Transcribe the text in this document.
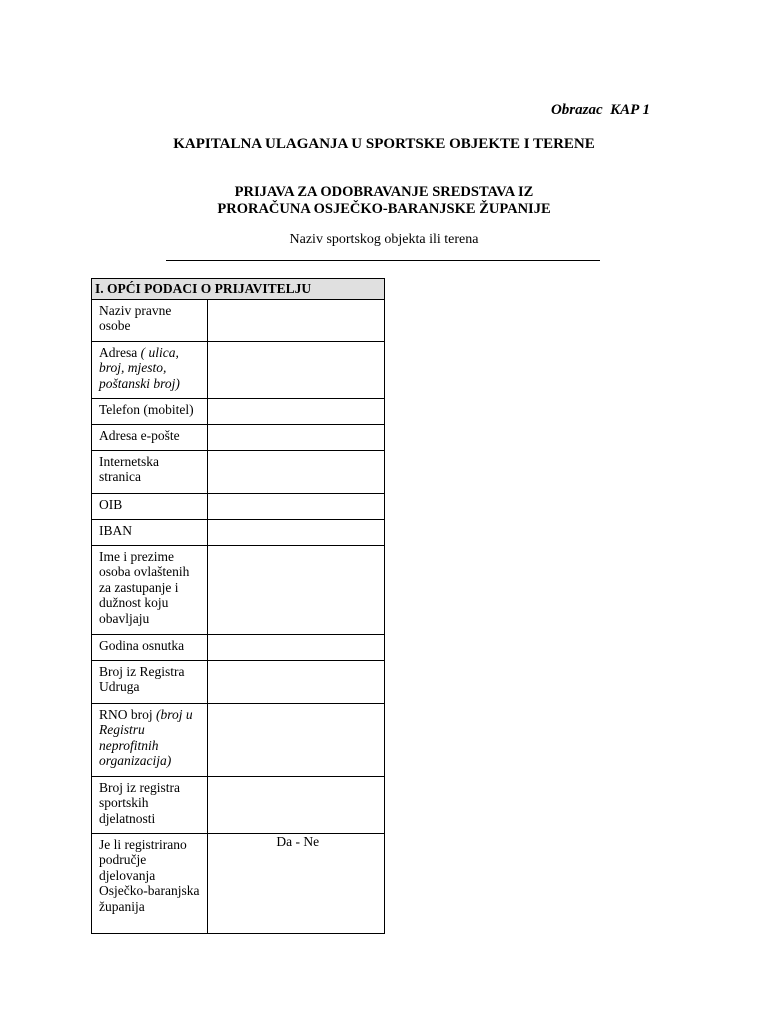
Obrazac  KAP 1
KAPITALNA ULAGANJA U SPORTSKE OBJEKTE I TERENE
PRIJAVA ZA ODOBRAVANJE SREDSTAVA IZ
PRORAČUNA OSJEČKO-BARANJSKE ŽUPANIJE
Naziv sportskog objekta ili terena
I. OPĆI PODACI O PRIJAVITELJU	
Naziv pravne osobe	
Adresa ( ulica, broj, mjesto, poštanski broj)	
Telefon (mobitel)	
Adresa e-pošte	
Internetska stranica	
OIB	
IBAN	
Ime i prezime osoba ovlaštenih za zastupanje i dužnost koju obavljaju	
Godina osnutka	
Broj iz Registra Udruga	
RNO broj (broj u Registru neprofitnih organizacija)	
Broj iz registra sportskih djelatnosti	
Je li registrirano područje djelovanja Osječko-baranjska županija	Da - Ne
